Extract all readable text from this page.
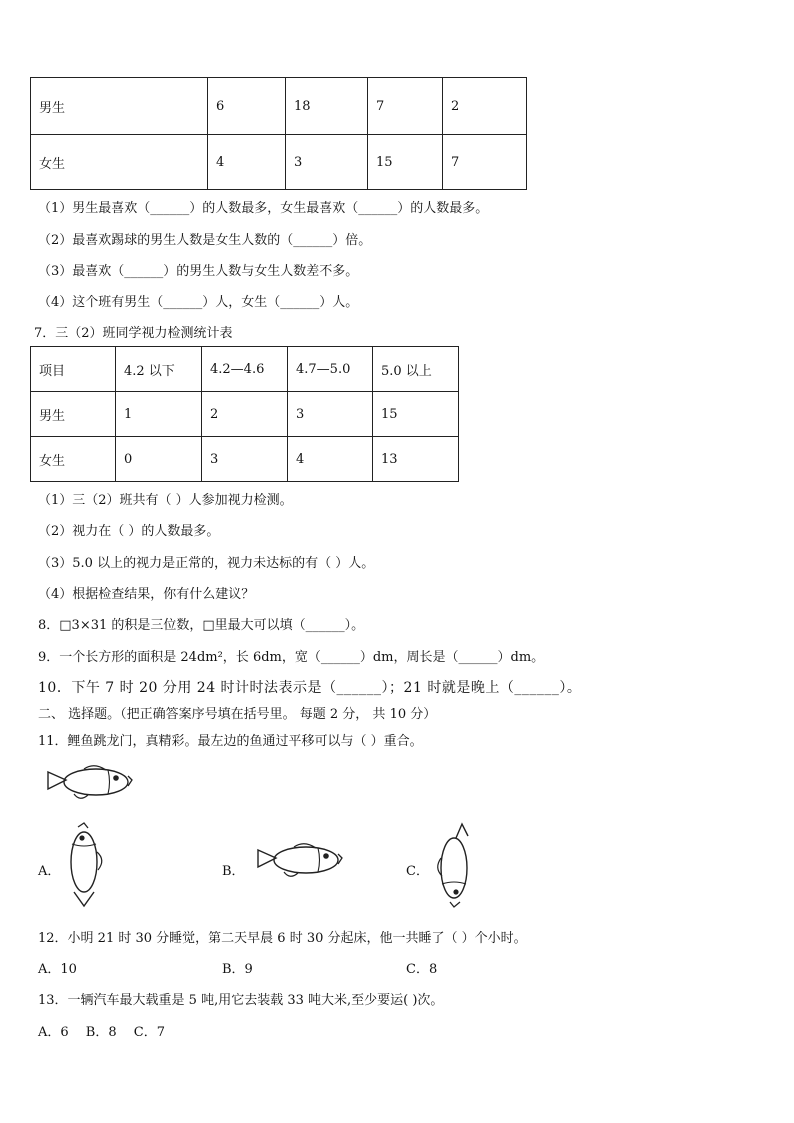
男生	6	18	7	2
女生	4	3	15	7
（1）男生最喜欢（______）的人数最多，女生最喜欢（______）的人数最多。
（2）最喜欢踢球的男生人数是女生人数的（______）倍。
（3）最喜欢（______）的男生人数与女生人数差不多。
（4）这个班有男生（______）人，女生（______）人。
7．三（2）班同学视力检测统计表
项目	4.2 以下	4.2—4.6	4.7—5.0	5.0 以上
男生	1	2	3	15
女生	0	3	4	13
（1）三（2）班共有（ ）人参加视力检测。
（2）视力在（ ）的人数最多。
（3）5.0 以上的视力是正常的，视力未达标的有（ ）人。
（4）根据检查结果，你有什么建议？
8．□3×31 的积是三位数，□里最大可以填（______）。
9．一个长方形的面积是 24dm²，长 6dm，宽（______）dm，周长是（______）dm。
10．下午 7 时 20 分用 24 时计时法表示是（______）；21 时就是晚上（______）。
二、 选择题。（把正确答案序号填在括号里。 每题 2 分， 共 10 分）
11．鲤鱼跳龙门，真精彩。最左边的鱼通过平移可以与（ ）重合。
A．	B．	C．
12．小明 21 时 30 分睡觉，第二天早晨 6 时 30 分起床，他一共睡了（ ）个小时。
A．10	B．9	C．8
13．一辆汽车最大载重是 5 吨,用它去装载 33 吨大米,至少要运( )次。
A．6　 B．8　 C．7
